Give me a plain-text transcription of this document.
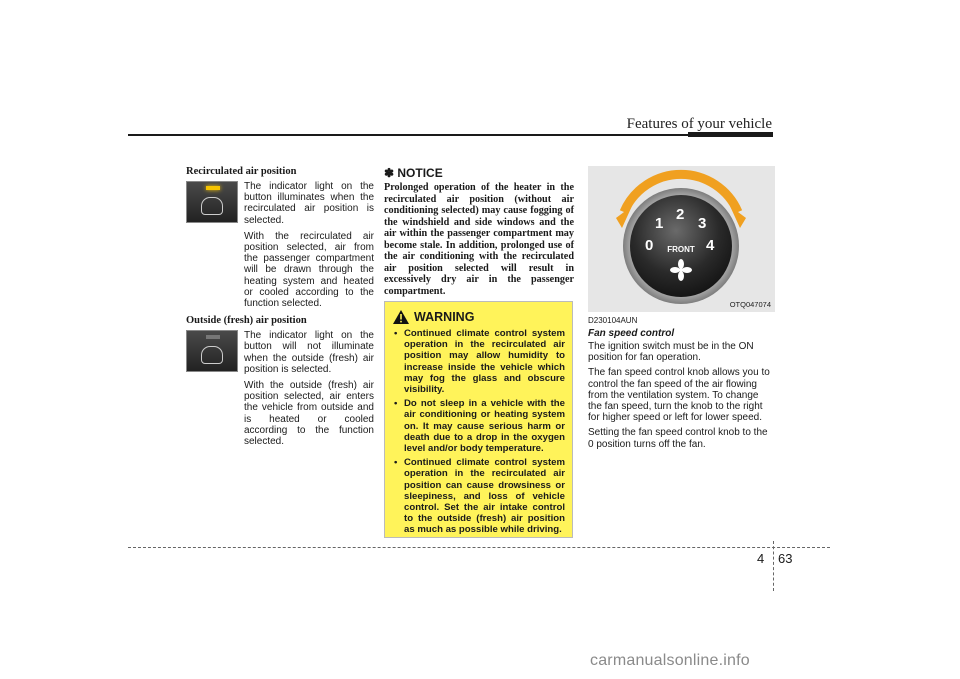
Features of your vehicle
Recirculated air position

The indicator light on the button illuminates when the recirculated air position is selected.

With the recirculated air position selected, air from the passenger compartment will be drawn through the heating system and heated or cooled according to the function selected.

Outside (fresh) air position

The indicator light on the button will not illuminate when the outside (fresh) air position is selected.

With the outside (fresh) air position selected, air enters the vehicle from outside and is heated or cooled according to the function selected.

✽ NOTICE

Prolonged operation of the heater in the recirculated air position (without air conditioning selected) may cause fogging of the windshield and side windows and the air within the passenger compartment may become stale. In addition, prolonged use of the air conditioning with the recirculated air position selected will result in excessively dry air in the passenger compartment.

WARNING
• Continued climate control system operation in the recirculated air position may allow humidity to increase inside the vehicle which may fog the glass and obscure visibility.
• Do not sleep in a vehicle with the air conditioning or heating system on. It may cause serious harm or death due to a drop in the oxygen level and/or body temperature.
• Continued climate control system operation in the recirculated air position can cause drowsiness or sleepiness, and loss of vehicle control. Set the air intake control to the outside (fresh) air position as much as possible while driving.
0
1
2
3
4
FRONT
OTQ047074
D230104AUN
Fan speed control

The ignition switch must be in the ON position for fan operation.

The fan speed control knob allows you to control the fan speed of the air flowing from the ventilation system. To change the fan speed, turn the knob to the right for higher speed or left for lower speed.

Setting the fan speed control knob to the 0 position turns off the fan.

4 63
carmanualsonline.info
